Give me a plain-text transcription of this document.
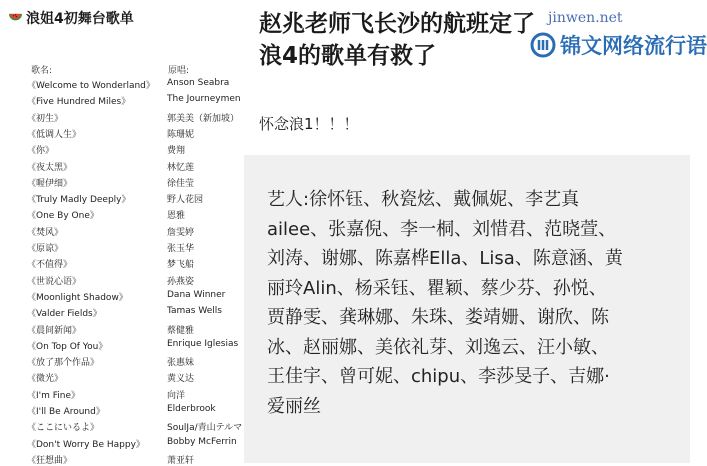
浪姐4初舞台歌单
歌名:	原唱:
《Welcome to Wonderland》 Anson Seabra
《Five Hundred Miles》	The Journeymen
《初生》	郭美美（新加坡）
《低调人生》	陈珊妮
《你》	费翔
《夜太黑》	林忆莲
《喔伊细》	徐佳莹
《Truly Madly Deeply》	野人花园
《One By One》	恩雅
《焚风》	詹雯婷
《原谅》	张玉华
《不值得》	梦飞船
《世说心语》	孙燕姿
《Moonlight Shadow》	Dana Winner
《Valder Fields》	Tamas Wells
《晨间新闻》	蔡健雅
《On Top Of You》	Enrique Iglesias
《放了那个作品》	张惠妹
《微光》	黄义达
《I'm Fine》	向洋
《I'll Be Around》	Elderbrook
《ここにいるよ》	SoulJa/青山テルマ
《Don't Worry Be Happy》 Bobby McFerrin
《狂想曲》	萧亚轩
赵兆老师飞长沙的航班定了
浪4的歌单有救了
怀念浪1！！！
艺人:徐怀钰、秋瓷炫、戴佩妮、李艺真
ailee、张嘉倪、李一桐、刘惜君、范晓萱、
刘涛、谢娜、陈嘉桦Ella、Lisa、陈意涵、黄
丽玲Alin、杨采钰、瞿颖、蔡少芬、孙悦、
贾静雯、龚琳娜、朱珠、娄靖姗、谢欣、陈
冰、赵丽娜、美依礼芽、刘逸云、汪小敏、
王佳宇、曾可妮、chipu、李莎旻子、吉娜·
爱丽丝
jinwen.net
锦文网络流行语
